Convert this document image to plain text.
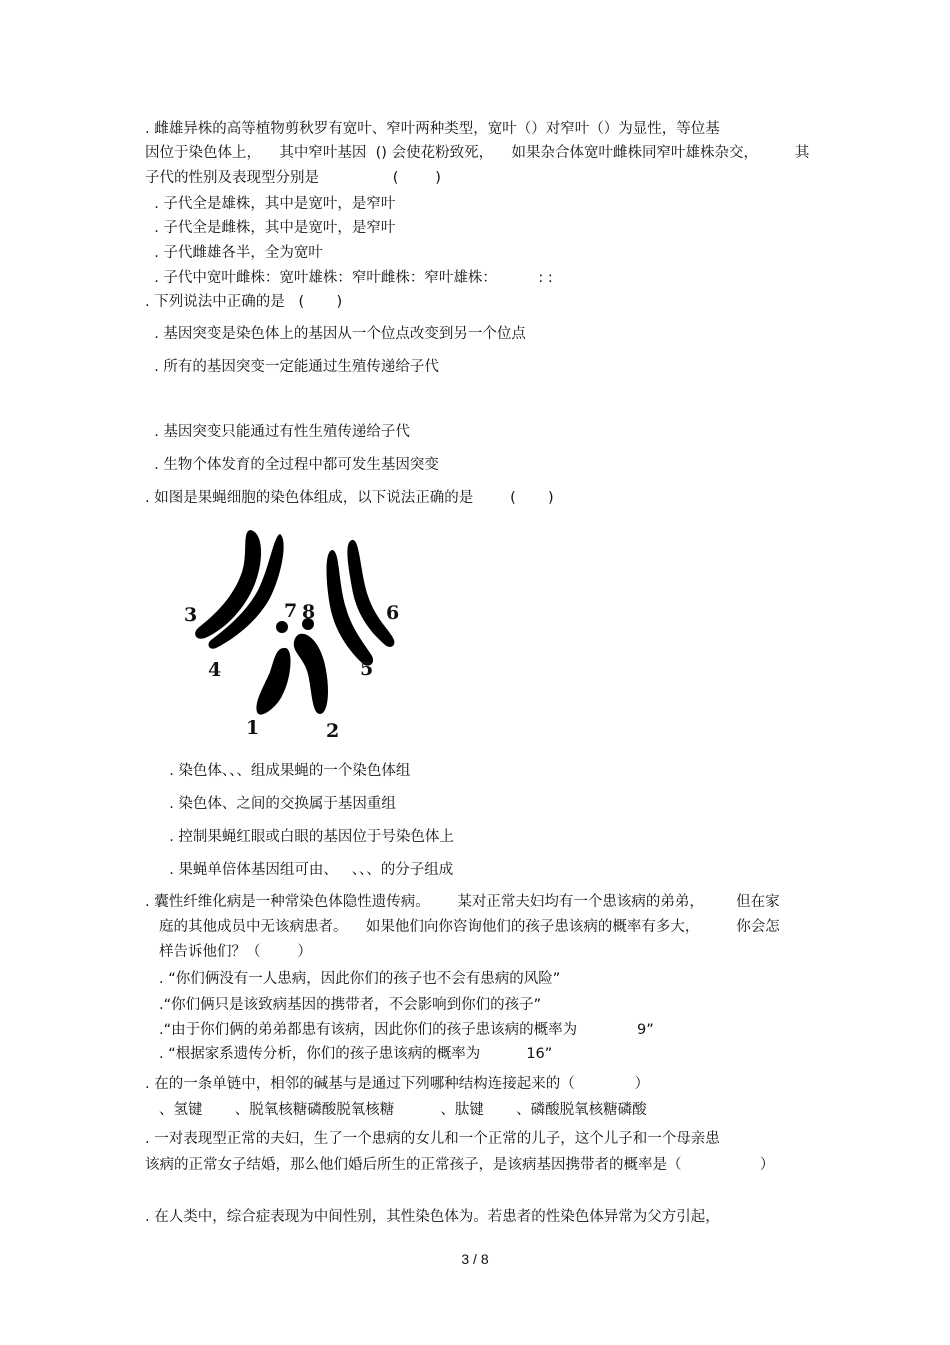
. 雌雄异株的高等植物剪秋罗有宽叶、窄叶两种类型，宽叶（）对窄叶（）为显性，等位基
因位于染色体上，    其中窄叶基因  () 会使花粉致死，    如果杂合体宽叶雌株同窄叶雄株杂交，        其
子代的性别及表现型分别是                (        )
. 子代全是雄株，其中是宽叶，是窄叶
. 子代全是雌株，其中是宽叶，是窄叶
. 子代雌雄各半，全为宽叶
. 子代中宽叶雌株：宽叶雄株：窄叶雌株：窄叶雄株：         : :
. 下列说法中正确的是   (       )
. 基因突变是染色体上的基因从一个位点改变到另一个位点
. 所有的基因突变一定能通过生殖传递给子代
. 基因突变只能通过有性生殖传递给子代
. 生物个体发育的全过程中都可发生基因突变
. 如图是果蝇细胞的染色体组成，以下说法正确的是        (       )
3	7 8	6
4	5
1	2
. 染色体、、、组成果蝇的一个染色体组
. 染色体、之间的交换属于基因重组
. 控制果蝇红眼或白眼的基因位于号染色体上
. 果蝇单倍体基因组可由、   、、、的分子组成
. 囊性纤维化病是一种常染色体隐性遗传病。      某对正常夫妇均有一个患该病的弟弟，       但在家
庭的其他成员中无该病患者。    如果他们向你咨询他们的孩子患该病的概率有多大，        你会怎
样告诉他们？（        ）
. “你们俩没有一人患病，因此你们的孩子也不会有患病的风险”
.“你们俩只是该致病基因的携带者，不会影响到你们的孩子”
.“由于你们俩的弟弟都患有该病，因此你们的孩子患该病的概率为             9”
. “根据家系遗传分析，你们的孩子患该病的概率为          16”
. 在的一条单链中，相邻的碱基与是通过下列哪种结构连接起来的（             ）
、氢键       、脱氧核糖磷酸脱氧核糖          、肽键       、磷酸脱氧核糖磷酸
. 一对表现型正常的夫妇，生了一个患病的女儿和一个正常的儿子，这个儿子和一个母亲患
该病的正常女子结婚，那么他们婚后所生的正常孩子，是该病基因携带者的概率是（                 ）
. 在人类中，综合症表现为中间性别，其性染色体为。若患者的性染色体异常为父方引起，
3 / 8
